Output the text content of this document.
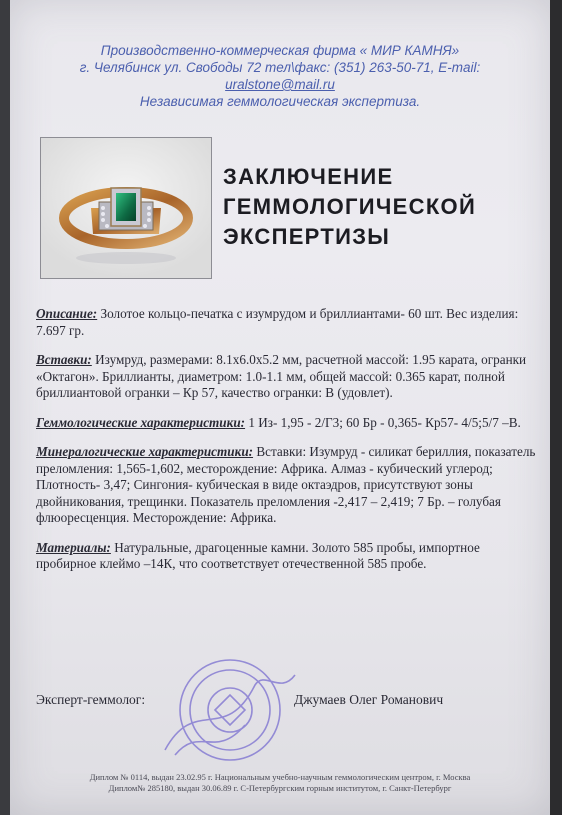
Производственно-коммерческая фирма « МИР КАМНЯ»
г. Челябинск ул. Свободы 72 тел\факс: (351) 263-50-71, E-mail:
uralstone@mail.ru
Независимая геммологическая экспертиза.
ЗАКЛЮЧЕНИЕ
ГЕММОЛОГИЧЕСКОЙ
ЭКСПЕРТИЗЫ

Описание: Золотое кольцо-печатка с изумрудом и бриллиантами- 60 шт. Вес изделия: 7.697 гр.

Вставки: Изумруд, размерами: 8.1х6.0х5.2 мм, расчетной массой: 1.95 карата, огранки «Октагон». Бриллианты, диаметром: 1.0-1.1 мм, общей массой: 0.365 карат, полной бриллиантовой огранки – Кр 57, качество огранки: В (удовлет).

Геммологические характеристики: 1 Из- 1,95 - 2/Г3; 60 Бр - 0,365- Кр57- 4/5;5/7 –В.

Минералогические характеристики: Вставки: Изумруд - силикат бериллия, показатель преломления: 1,565-1,602, месторождение: Африка. Алмаз - кубический углерод; Плотность- 3,47; Сингония- кубическая в виде октаэдров, присутствуют зоны двойникования, трещинки. Показатель преломления -2,417 – 2,419; 7 Бр. – голубая флюоресценция. Месторождение: Африка.

Материалы: Натуральные, драгоценные камни. Золото 585 пробы, импортное пробирное клеймо –14К, что соответствует отечественной 585 пробе.

Эксперт-геммолог:	Джумаев Олег Романович
Диплом № 0114, выдан 23.02.95 г. Национальным учебно-научным геммологическим центром, г. Москва
Диплом№ 285180, выдан 30.06.89 г. С-Петербургским горным институтом, г. Санкт-Петербург
